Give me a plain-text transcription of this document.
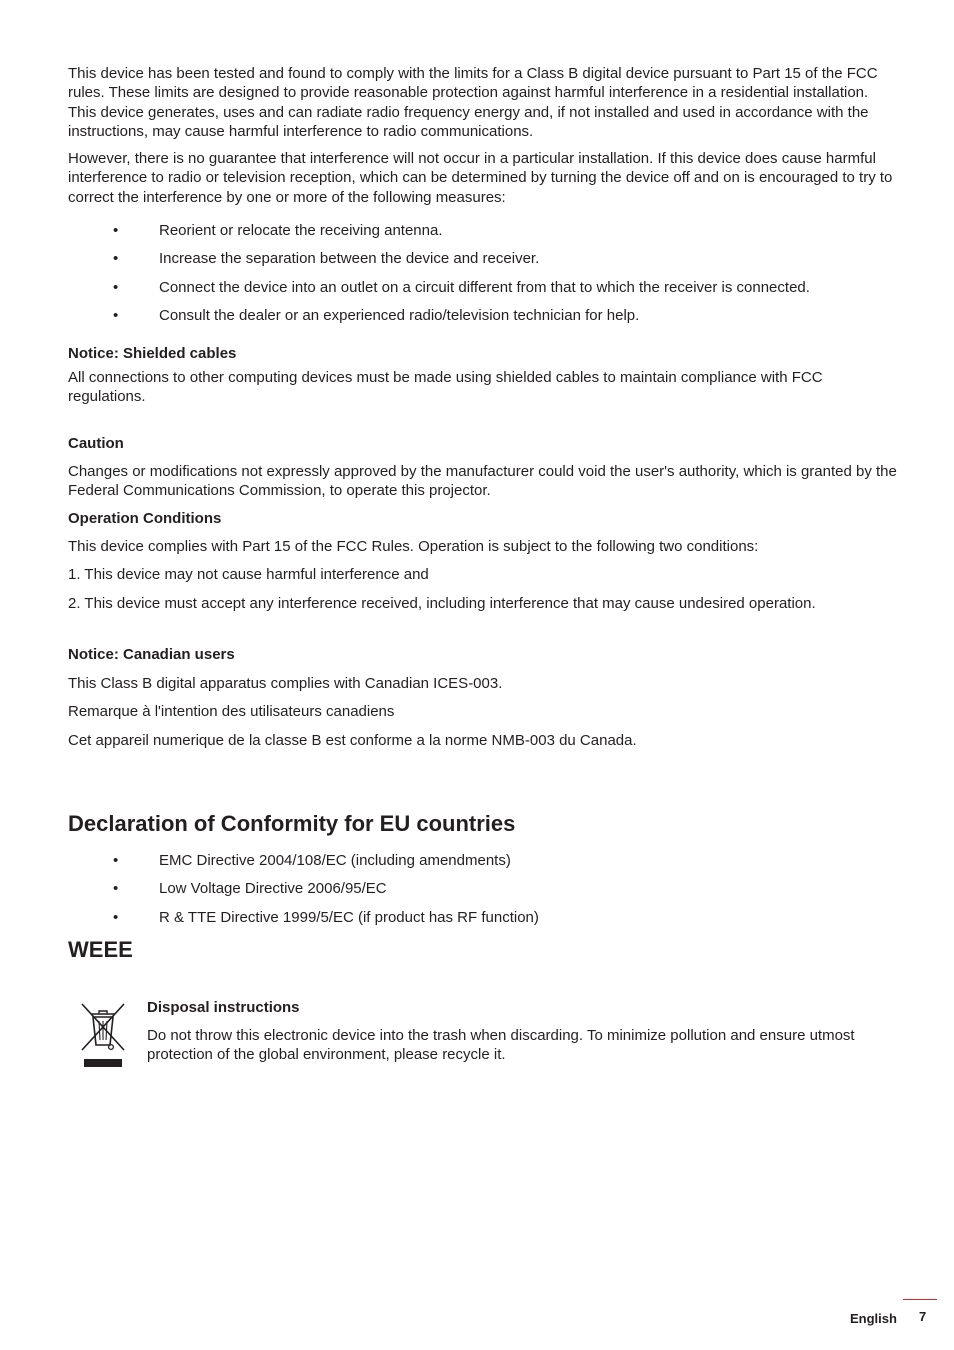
This device has been tested and found to comply with the limits for a Class B digital device pursuant to Part 15 of the FCC rules. These limits are designed to provide reasonable protection against harmful interference in a residential installation. This device generates, uses and can radiate radio frequency energy and, if not installed and used in accordance with the instructions, may cause harmful interference to radio communications.

However, there is no guarantee that interference will not occur in a particular installation. If this device does cause harmful interference to radio or television reception, which can be determined by turning the device off and on is encouraged to try to correct the interference by one or more of the following measures:

•	Reorient or relocate the receiving antenna.
•	Increase the separation between the device and receiver.
•	Connect the device into an outlet on a circuit different from that to which the receiver is connected.
•	Consult the dealer or an experienced radio/television technician for help.

Notice: Shielded cables

All connections to other computing devices must be made using shielded cables to maintain compliance with FCC regulations.

Caution

Changes or modifications not expressly approved by the manufacturer could void the user's authority, which is granted by the Federal Communications Commission, to operate this projector.

Operation Conditions

This device complies with Part 15 of the FCC Rules. Operation is subject to the following two conditions:

1. This device may not cause harmful interference and

2. This device must accept any interference received, including interference that may cause undesired operation.

Notice: Canadian users

This Class B digital apparatus complies with Canadian ICES-003.

Remarque à l'intention des utilisateurs canadiens

Cet appareil numerique de la classe B est conforme a la norme NMB-003 du Canada.

Declaration of Conformity for EU countries
•	EMC Directive 2004/108/EC (including amendments)
•	Low Voltage Directive 2006/95/EC
•	R & TTE Directive 1999/5/EC (if product has RF function)
WEEE

Disposal instructions

Do not throw this electronic device into the trash when discarding. To minimize pollution and ensure utmost protection of the global environment, please recycle it.

English 7
